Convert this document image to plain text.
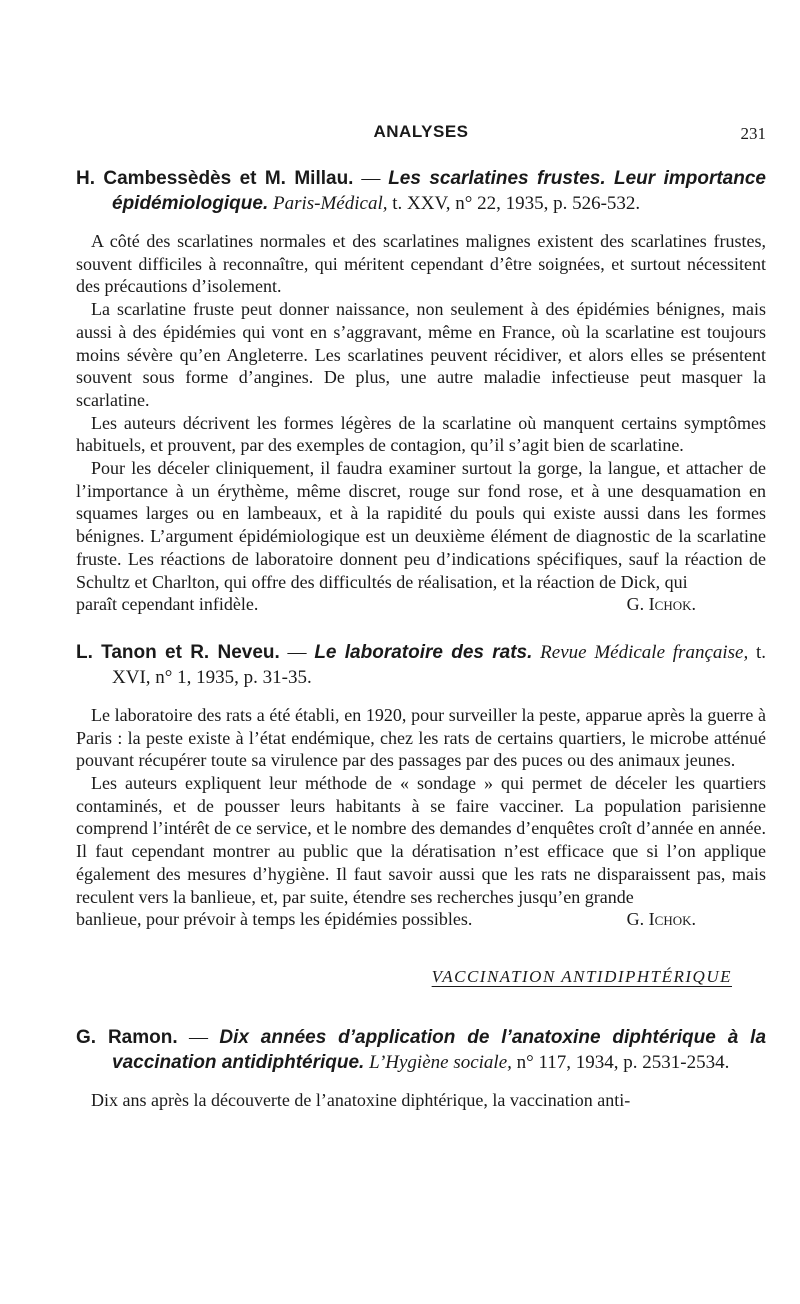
ANALYSES	231
H. Cambessèdès et M. Millau. — Les scarlatines frustes. Leur importance épidémiologique. Paris-Médical, t. XXV, n° 22, 1935, p. 526-532.

A côté des scarlatines normales et des scarlatines malignes existent des scarlatines frustes, souvent difficiles à reconnaître, qui méritent cependant d’être soignées, et surtout nécessitent des précautions d’isolement.

La scarlatine fruste peut donner naissance, non seulement à des épidémies bénignes, mais aussi à des épidémies qui vont en s’aggravant, même en France, où la scarlatine est toujours moins sévère qu’en Angleterre. Les scarlatines peuvent récidiver, et alors elles se présentent souvent sous forme d’angines. De plus, une autre maladie infectieuse peut masquer la scarlatine.

Les auteurs décrivent les formes légères de la scarlatine où manquent certains symptômes habituels, et prouvent, par des exemples de contagion, qu’il s’agit bien de scarlatine.

Pour les déceler cliniquement, il faudra examiner surtout la gorge, la langue, et attacher de l’importance à un érythème, même discret, rouge sur fond rose, et à une desquamation en squames larges ou en lambeaux, et à la rapidité du pouls qui existe aussi dans les formes bénignes. L’argument épidémiologique est un deuxième élément de diagnostic de la scarlatine fruste. Les réactions de laboratoire donnent peu d’indications spécifiques, sauf la réaction de Schultz et Charlton, qui offre des difficultés de réalisation, et la réaction de Dick, qui

paraît cependant infidèle.	G. Ichok.
L. Tanon et R. Neveu. — Le laboratoire des rats. Revue Médicale française, t. XVI, n° 1, 1935, p. 31-35.

Le laboratoire des rats a été établi, en 1920, pour surveiller la peste, apparue après la guerre à Paris : la peste existe à l’état endémique, chez les rats de certains quartiers, le microbe atténué pouvant récupérer toute sa virulence par des passages par des puces ou des animaux jeunes.

Les auteurs expliquent leur méthode de « sondage » qui permet de déceler les quartiers contaminés, et de pousser leurs habitants à se faire vacciner. La population parisienne comprend l’intérêt de ce service, et le nombre des demandes d’enquêtes croît d’année en année. Il faut cependant montrer au public que la dératisation n’est efficace que si l’on applique également des mesures d’hygiène. Il faut savoir aussi que les rats ne disparaissent pas, mais reculent vers la banlieue, et, par suite, étendre ses recherches jusqu’en grande

banlieue, pour prévoir à temps les épidémies possibles.	G. Ichok.
VACCINATION ANTIDIPHTÉRIQUE
G. Ramon. — Dix années d’application de l’anatoxine diphtérique à la vaccination antidiphtérique. L’Hygiène sociale, n° 117, 1934, p. 2531-2534.

Dix ans après la découverte de l’anatoxine diphtérique, la vaccination anti-
